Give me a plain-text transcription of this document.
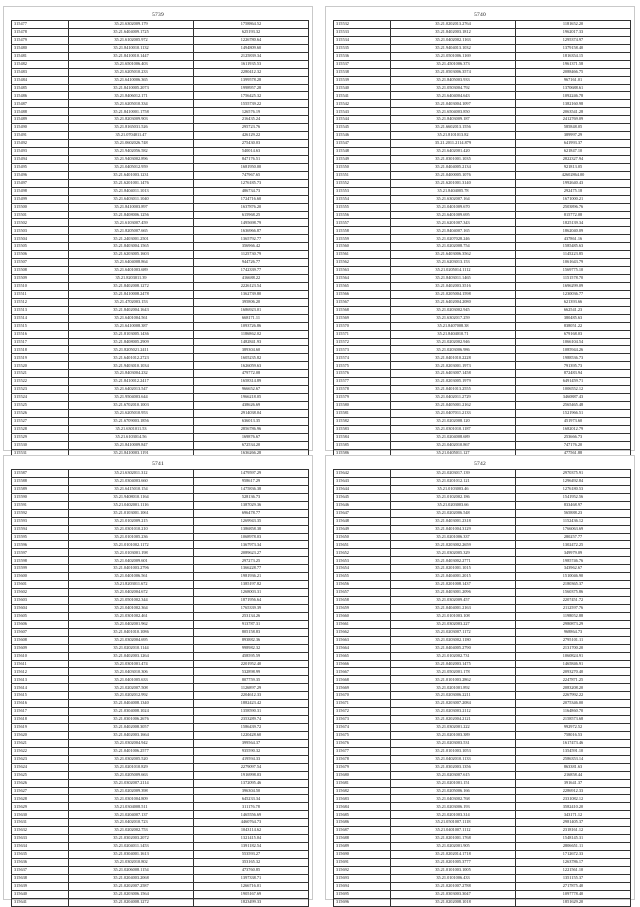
5739
315477	35.21.6302009.179	1758864.52
315478	35.21.6404009.1725	625193.32
315479	35.21.6102005.972	1226780.64
315480	35.21.8410010.1132	1494809.60
315481	35.21.8410010.1447	2125839.34
315482	35.21.6501006.403	1611935.53
315483	35.21.6205010.233	2280412.32
315484	35.21.6410006.365	1399578.28
315485	35.21.8410005.2073	1998957.28
315486	35.21.8406012.171	1756425.32
315487	35.21.6205010.334	1555739.22
315488	35.21.8410001.1758	126576.19
315489	35.21.8203009.903	216435.24
315490	35.21.8165031.526	295723.76
315491	35.21.0704011.47	426129.22
315492	35.21.0602026.748	275430.03
315493	35.21.9402056.582	540014.63
315494	35.21.9403002.896	847176.51
315495	35.21.0405012.959	1681950.00
315496	35.21.6401003.1231	747967.65
315497	35.21.6201001.1476	1276185.73
315498	35.21.8404011.1013	486734.73
315499	35.21.6403011.1040	1724716.60
315500	35.21.8410003.897	1637876.20
315501	35.21.8408006.1256	615968.25
315502	35.21.6103007.459	1495698.79
315503	35.21.8205007.665	1636966.87
315504	35.21.2403001.2501	1365792.77
315505	35.21.8403004.1565	356966.42
315506	35.21.6203005.1603	1125730.79
315507	35.21.6404008.864	944726.77
315508	35.21.6401003.689	1742339.77
315509	35.21.8203011.39	416688.22
315510	35.21.8402008.1272	2226123.54
315511	35.21.8410008.2478	1362739.80
315512	35.21.4702003.153	395806.20
315513	35.21.8402004.1643	1686923.01
315514	35.21.6401004.561	668171.11
315515	35.21.6410008.387	1093726.86
315516	35.21.8103005.1436	1186862.02
315517	35.21.8408005.2909	1482841.93
315518	35.21.8205021.2411	389304.60
315519	35.21.6401012.2723	1605235.82
315520	35.21.9403010.1034	1626059.63
315521	35.21.8403004.232	479772.08
315522	35.21.8410012.2417	1658314.89
315523	35.21.6402013.547	966652.67
315524	35.21.9504003.644	1966218.05
315525	35.21.6702010.1003	438626.69
315526	35.21.6205010.953	2914038.04
315527	35.21.6709003.1856	636013.35
315528	35.21.6301011.53	2856786.96
315529	35.21.6103014.56	169876.67
315530	35.21.8410009.847	672534.20
315531	35.21.8410003.1191	1636266.28
5740
315532	35.21.0202013.2764	1181652.20
315533	35.21.8402003.1812	1962017.33
315534	35.21.0402002.1163	1295374.97
315535	35.21.9404013.1032	1379158.40
315536	35.21.0501006.1169	1816354.15
315537	35.21.4501006.373	1961371.58
315538	35.21.0503006.3574	2088466.75
315539	35.21.8405003.933	967161.01
315540	35.21.0503004.792	1370688.61
315541	35.21.6404004.643	1092246.78
315542	35.21.0403004.1097	1382160.98
315543	35.21.6504003.850	2063541.28
315544	35.21.8403009.187	2412769.09
315545	35.21.6602013.1556	585848.05
315546	35.21.8101013.82	389997.29
315547	35.21.2011.2114.879	641993.37
315548	35.21.6402001.420	621847.10
315549	35.21.0301001.1035	2822327.94
315550	35.21.0404005.2134	921813.05
315551	35.21.0400005.1076	42602864.00
315552	35.21.6201001.3140	1992640.43
315553	35.21.8404005.78	292475.18
315554	35.21.6302007.164	1671000.21
315555	35.21.0401009.670	2503896.76
315556	35.21.6401009.695	815772.08
315557	35.21.6201007.343	1825139.34
315558	35.21.8404007.165	1862040.09
315559	35.21.0207028.246	437861.16
315560	35.21.0202008.754	1585485.63
315561	35.21.6403006.3562	1145223.85
315562	35.21.6203013.153	1061643.79
315563	35.21.0205014.1112	1569775.10
315564	35.21.8403011.1465	1151578.70
315565	35.21.0402003.3516	1696299.09
315566	35.21.0205004.1598	1230036.77
315567	35.21.6402004.2080	621393.66
315568	35.21.0203002.945	662541.23
315569	35.21.6302017.259	380485.63
315570	35.21.8407008.38	838051.22
315571	35.21.8404010.71	679168.03
315572	35.21.0202002.946	1066104.54
315573	35.21.0203006.986	1085944.26
315574	35.21.0401010.2228	1988536.73
315575	35.21.0203001.1973	791395.73
315576	35.21.6403007.1458	872483.94
315577	35.21.0203005.1979	6491459.71
315578	35.21.0401013.2555	1006552.12
315579	35.21.0402011.2729	3460887.43
315580	35.21.0405001.2162	2565465.48
315581	35.21.0407011.2133	1521966.51
315582	35.21.0202008.120	451973.60
315583	35.21.0301010.1187	1682012.79
315584	35.21.0204008.689	253666.73
315585	35.21.0402010.867	747176.20
315586	35.21.0405011.127	477561.88
5741
315587	35.21.6302011.312	1479597.29
315588	35.21.0304003.660	958617.29
315589	35.21.6415010.154	1475836.38
315590	35.21.9408010.1164	528136.73
315591	35.21.0402001.1116	1387029.36
315592	35.21.0103001.1061	696478.77
315593	35.21.0102009.215	1269943.35
315594	35.21.0301010.210	1386858.38
315595	35.21.0101005.236	1068978.03
315596	35.21.0101002.1172	1367973.34
315597	35.21.0103001.198	2089623.27
315598	35.21.0402009.601	297273.25
315599	35.21.0401003.2796	1366228.77
315600	35.21.0401006.561	1981936.21
315601	35.21.8203011.672	1385197.82
315602	35.21.0402004.672	1268003.31
315603	35.21.0501002.344	1871956.64
315604	35.21.0401002.364	1765339.39
315605	35.21.0301002.461	253134.26
315606	35.21.0402001.962	913787.31
315607	35.21.0401010.1086	805158.83
315608	35.21.0302004.695	893882.36
315609	35.21.0202010.1144	998982.32
315610	35.21.0402003.1264	458595.59
315611	35.21.0301001.474	2201952.40
315612	35.21.0403010.306	532898.99
315613	35.21.0401005.633	807759.35
315614	35.21.0202007.508	1126897.29
315615	35.21.0202012.992	2204612.33
315616	35.21.0404008.1340	1882423.42
315617	35.21.0304008.1024	1358590.31
315618	35.21.0301006.2676	2353289.74
315619	35.21.0402008.3057	1586439.72
315620	35.21.0402003.1664	1220428.60
315621	35.21.0302004.942	399564.37
315622	35.21.0401006.2577	935590.32
315623	35.21.0302005.520	419594.33
315624	35.21.0201010.829	2279097.54
315625	35.21.0205009.663	1916998.03
315626	35.21.0302007.2114	1372095.46
315627	35.21.0202009.398	396304.50
315628	35.21.0301004.809	645233.34
315629	35.21.0304008.511	311176.78
315630	35.21.0204007.137	1465556.69
315631	35.21.0402010.723	4460764.73
315632	35.21.0202002.753	1043114.62
315633	35.21.0302003.2072	1321415.04
315634	35.21.0204011.1453	1391182.54
315635	35.21.0304001.1613	553593.27
315636	35.21.0302010.802	353165.32
315637	35.21.0206008.1154	473760.85
315638	35.21.0204003.2068	1397338.71
315639	35.21.0202007.2587	1266716.01
315640	35.21.0203006.1564	1905167.69
315641	35.21.0204008.1272	1823499.33
5742
315642	35.21.0203017.139	2970375.91
315643	35.21.0201012.121	1296492.84
315644	35.21.0103003.46	1276180.53
315645	35.21.0102002.186	1541952.56
315646	35.21.0203003.66	833468.97
315647	35.21.0202006.548	565888.23
315648	35.21.0403001.2318	1152436.12
315649	35.21.0401004.3129	1766063.69
315650	35.21.0201006.337	280257.77
315651	35.21.0203002.2659	1302472.25
315652	35.21.0302005.329	349979.09
315653	35.21.0403002.2771	1985746.76
315654	35.21.0201001.1015	343962.67
315655	35.21.0404001.2015	1510046.90
315656	35.21.0201008.1437	2180365.37
315657	35.21.0403001.2096	1560375.86
315658	35.21.0302009.457	2207451.72
315659	35.21.0404001.2163	2112597.76
315660	35.21.0101003.108	1198052.88
315661	35.21.0302003.227	2980873.29
315662	35.21.0203007.1172	968864.73
315663	35.21.0203002.1180	2795101.11
315664	35.21.0404005.2790	2131700.20
315665	35.21.0102002.731	1060824.91
315666	35.21.0402003.1475	1465846.91
315667	35.21.0502001.178	2093270.40
315668	35.21.0101003.2862	2247871.25
315669	35.21.0201001.892	2083208.20
315670	35.21.0203006.2211	2267992.22
315671	35.21.0203007.2084	2075346.00
315672	35.21.0203003.2112	1164860.70
315673	35.21.0202004.2121	2158573.68
315674	35.21.0302001.222	992972.52
315675	35.21.0201003.389	758016.53
315676	35.21.0203003.531	1617473.46
315677	35.21.0101003.1053	1354591.10
315678	35.21.0402010.1133	2586353.14
315679	35.21.0302003.1356	863381.63
315680	35.21.0203007.615	216858.44
315681	35.21.0201001.151	391641.37
315682	35.21.0205006.166	2286912.33
315683	35.21.0403002.768	2331082.12
315684	35.21.0203006.193	3582410.20
315685	35.21.0201003.314	343171.12
315686	35.21.0501007.1118	2981405.37
315687	35.21.0401007.1112	2318161.12
315688	35.21.0201001.1768	1548145.31
315689	35.21.0202001.905	2806651.11
315690	35.21.0202014.1718	1712672.33
315691	35.21.0201005.3777	1263786.17
315692	35.21.0101003.1005	1221561.10
315693	35.21.0101006.433	1351155.37
315694	35.21.0201007.2788	2717875.40
315695	35.21.0303003.3047	1097778.40
315696	35.21.0202008.1018	1851629.20
